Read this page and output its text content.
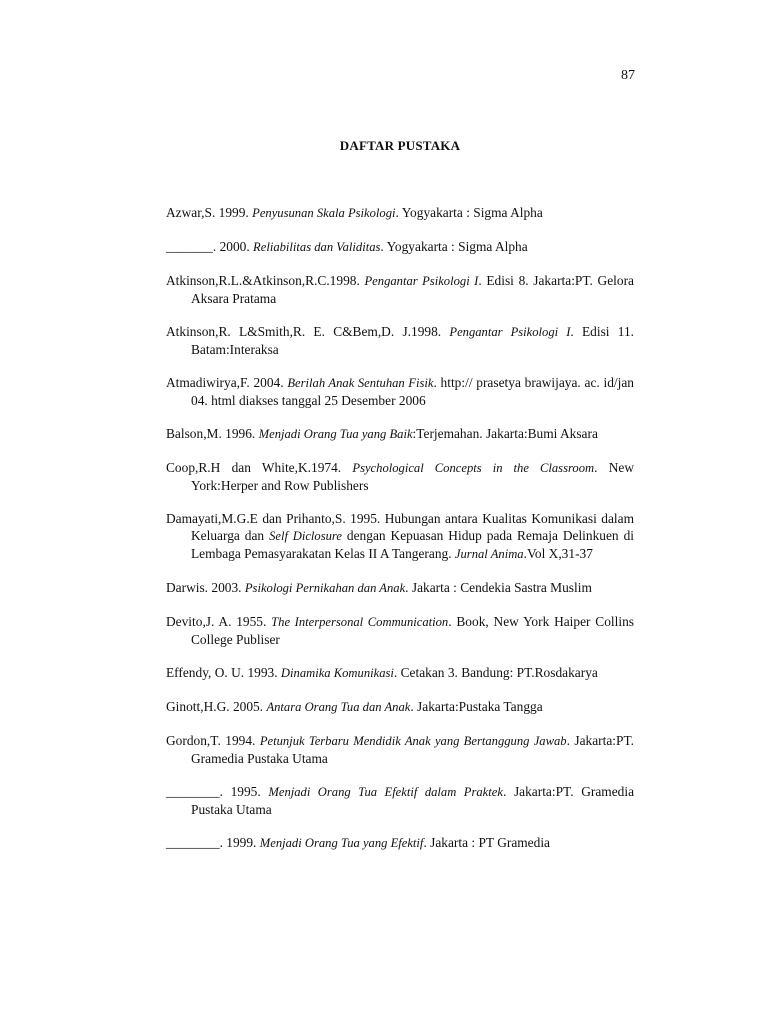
87
DAFTAR PUSTAKA
Azwar,S. 1999. Penyusunan Skala Psikologi. Yogyakarta : Sigma Alpha
_______. 2000. Reliabilitas dan Validitas. Yogyakarta : Sigma Alpha
Atkinson,R.L.&Atkinson,R.C.1998. Pengantar Psikologi I. Edisi 8. Jakarta:PT. Gelora Aksara Pratama
Atkinson,R. L&Smith,R. E. C&Bem,D. J.1998. Pengantar Psikologi I. Edisi 11. Batam:Interaksa
Atmadiwirya,F. 2004. Berilah Anak Sentuhan Fisik. http:// prasetya brawijaya. ac. id/jan 04. html diakses tanggal 25 Desember 2006
Balson,M. 1996. Menjadi Orang Tua yang Baik:Terjemahan. Jakarta:Bumi Aksara
Coop,R.H dan White,K.1974. Psychological Concepts in the Classroom. New York:Herper and Row Publishers
Damayati,M.G.E dan Prihanto,S. 1995. Hubungan antara Kualitas Komunikasi dalam Keluarga dan Self Diclosure dengan Kepuasan Hidup pada Remaja Delinkuen di Lembaga Pemasyarakatan Kelas II A Tangerang. Jurnal Anima.Vol X,31-37
Darwis. 2003. Psikologi Pernikahan dan Anak. Jakarta : Cendekia Sastra Muslim
Devito,J. A. 1955. The Interpersonal Communication. Book, New York Haiper Collins College Publiser
Effendy, O. U. 1993. Dinamika Komunikasi. Cetakan 3. Bandung: PT.Rosdakarya
Ginott,H.G. 2005. Antara Orang Tua dan Anak. Jakarta:Pustaka Tangga
Gordon,T. 1994. Petunjuk Terbaru Mendidik Anak yang Bertanggung Jawab. Jakarta:PT. Gramedia Pustaka Utama
________. 1995. Menjadi Orang Tua Efektif dalam Praktek. Jakarta:PT. Gramedia Pustaka Utama
________. 1999. Menjadi Orang Tua yang Efektif. Jakarta : PT Gramedia
